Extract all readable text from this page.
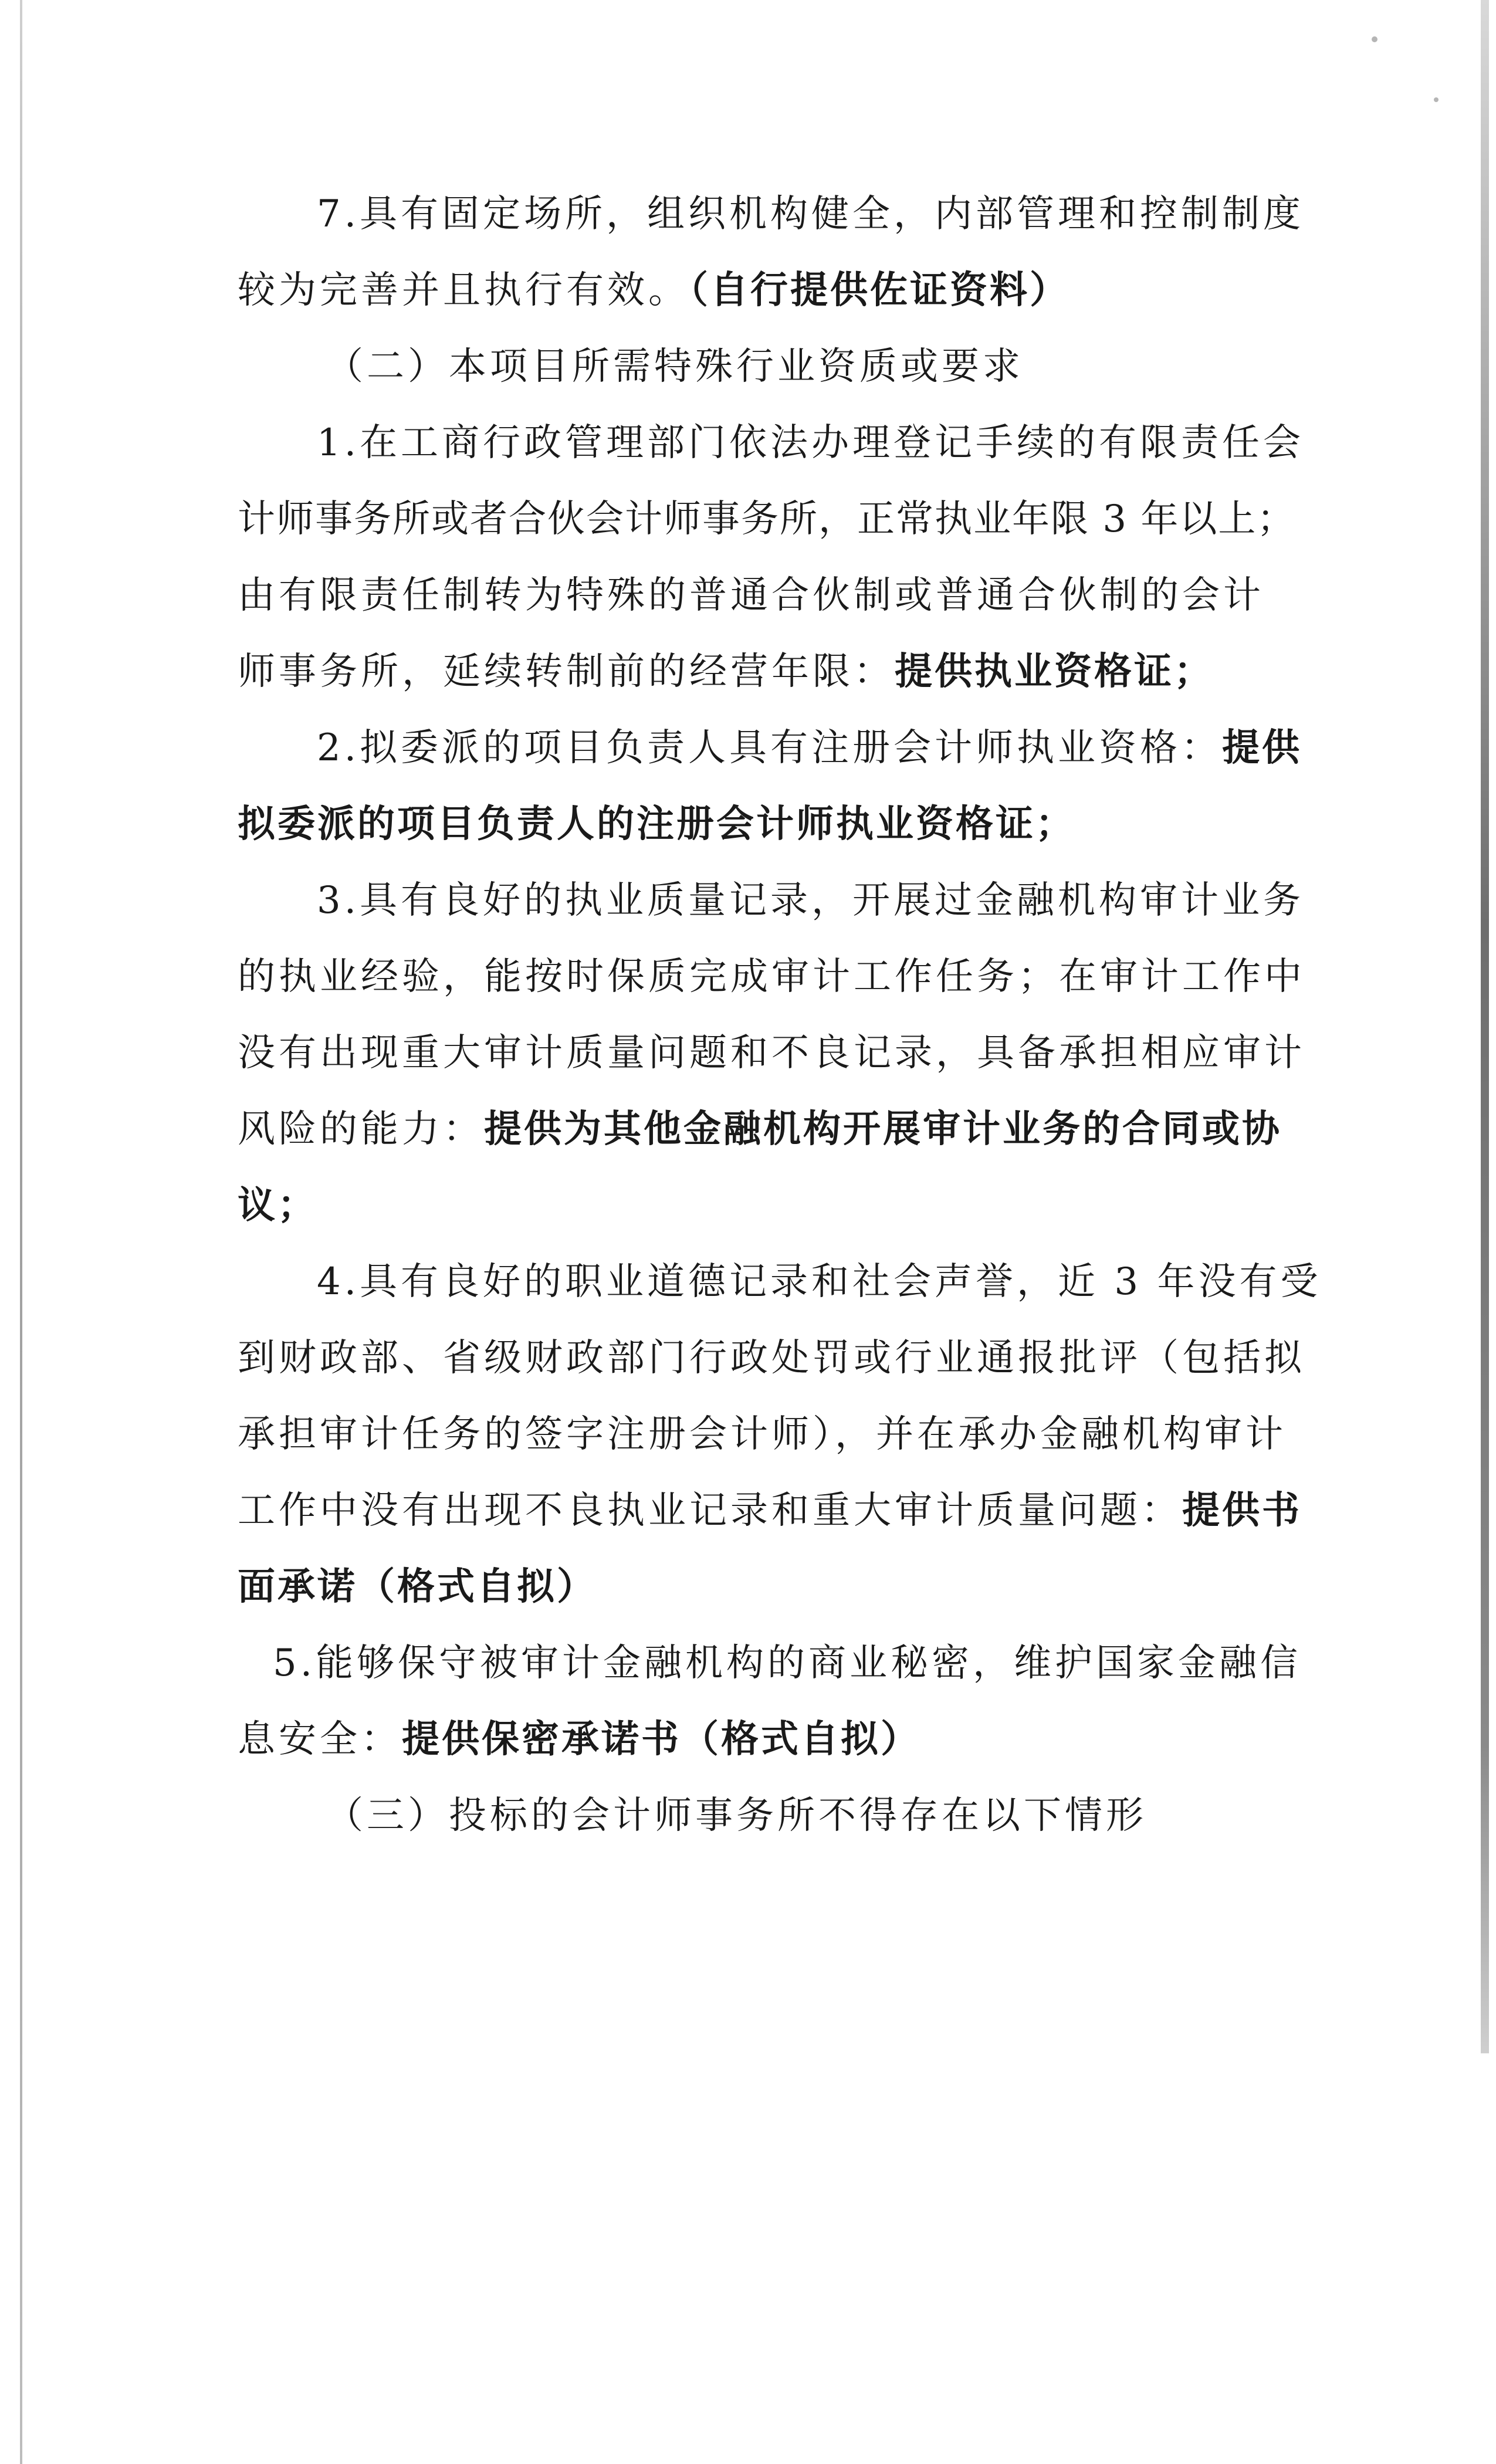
7.具有固定场所，组织机构健全，内部管理和控制制度
较为完善并且执行有效。（自行提供佐证资料）
（二）本项目所需特殊行业资质或要求
1.在工商行政管理部门依法办理登记手续的有限责任会
计师事务所或者合伙会计师事务所，正常执业年限 3 年以上；
由有限责任制转为特殊的普通合伙制或普通合伙制的会计
师事务所，延续转制前的经营年限：提供执业资格证；
2.拟委派的项目负责人具有注册会计师执业资格：提供
拟委派的项目负责人的注册会计师执业资格证；
3.具有良好的执业质量记录，开展过金融机构审计业务
的执业经验，能按时保质完成审计工作任务；在审计工作中
没有出现重大审计质量问题和不良记录，具备承担相应审计
风险的能力：提供为其他金融机构开展审计业务的合同或协
议；
4.具有良好的职业道德记录和社会声誉，近 3 年没有受
到财政部、省级财政部门行政处罚或行业通报批评（包括拟
承担审计任务的签字注册会计师），并在承办金融机构审计
工作中没有出现不良执业记录和重大审计质量问题：提供书
面承诺（格式自拟）
5.能够保守被审计金融机构的商业秘密，维护国家金融信
息安全：提供保密承诺书（格式自拟）
（三）投标的会计师事务所不得存在以下情形
